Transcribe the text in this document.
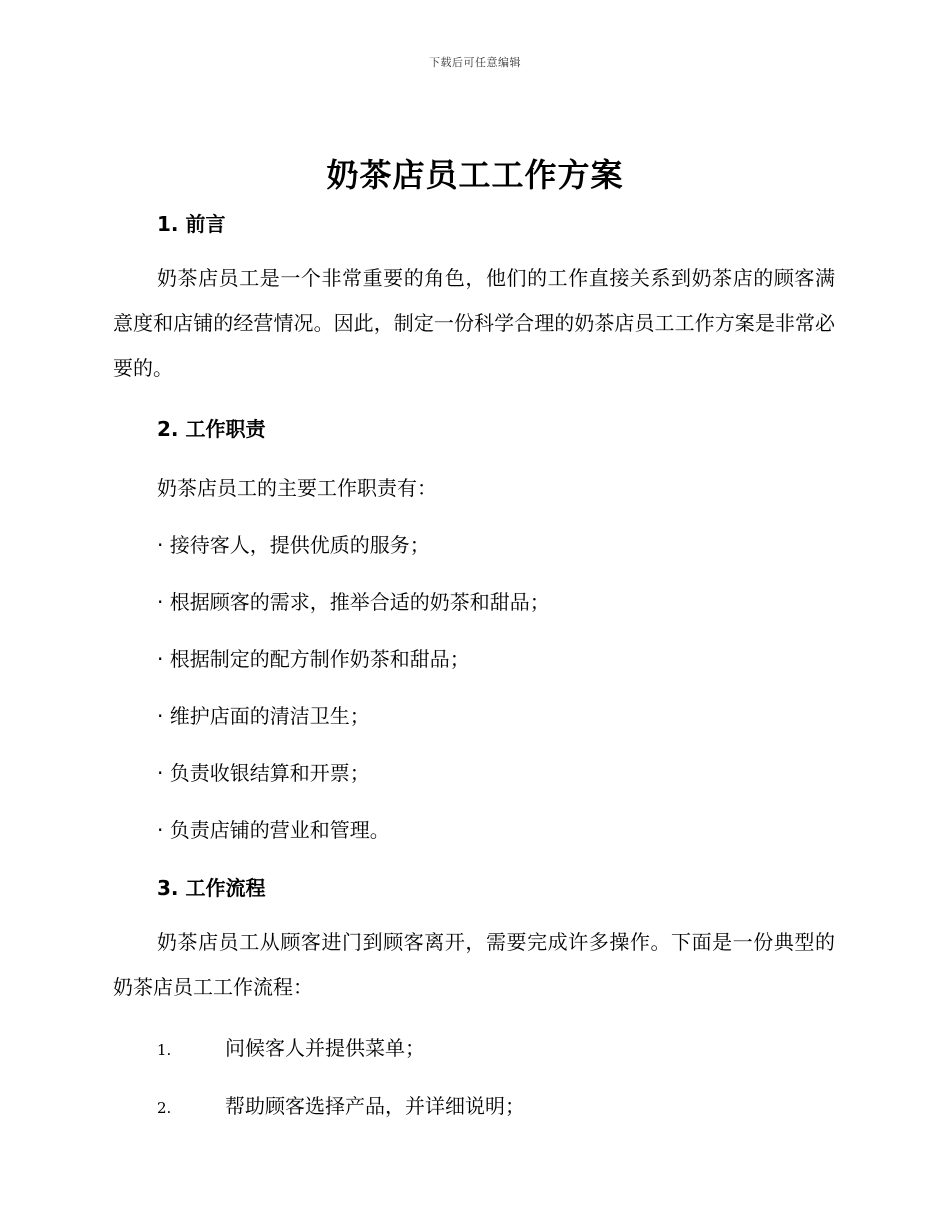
下载后可任意编辑
奶茶店员工工作方案
1. 前言

奶茶店员工是一个非常重要的角色，他们的工作直接关系到奶茶店的顾客满意度和店铺的经营情况。因此，制定一份科学合理的奶茶店员工工作方案是非常必要的。

2. 工作职责
奶茶店员工的主要工作职责有：
· 接待客人，提供优质的服务；
· 根据顾客的需求，推举合适的奶茶和甜品；
· 根据制定的配方制作奶茶和甜品；
· 维护店面的清洁卫生；
· 负责收银结算和开票；
· 负责店铺的营业和管理。
3. 工作流程

奶茶店员工从顾客进门到顾客离开，需要完成许多操作。下面是一份典型的奶茶店员工工作流程：

1.	问候客人并提供菜单；
2.	帮助顾客选择产品，并详细说明；
